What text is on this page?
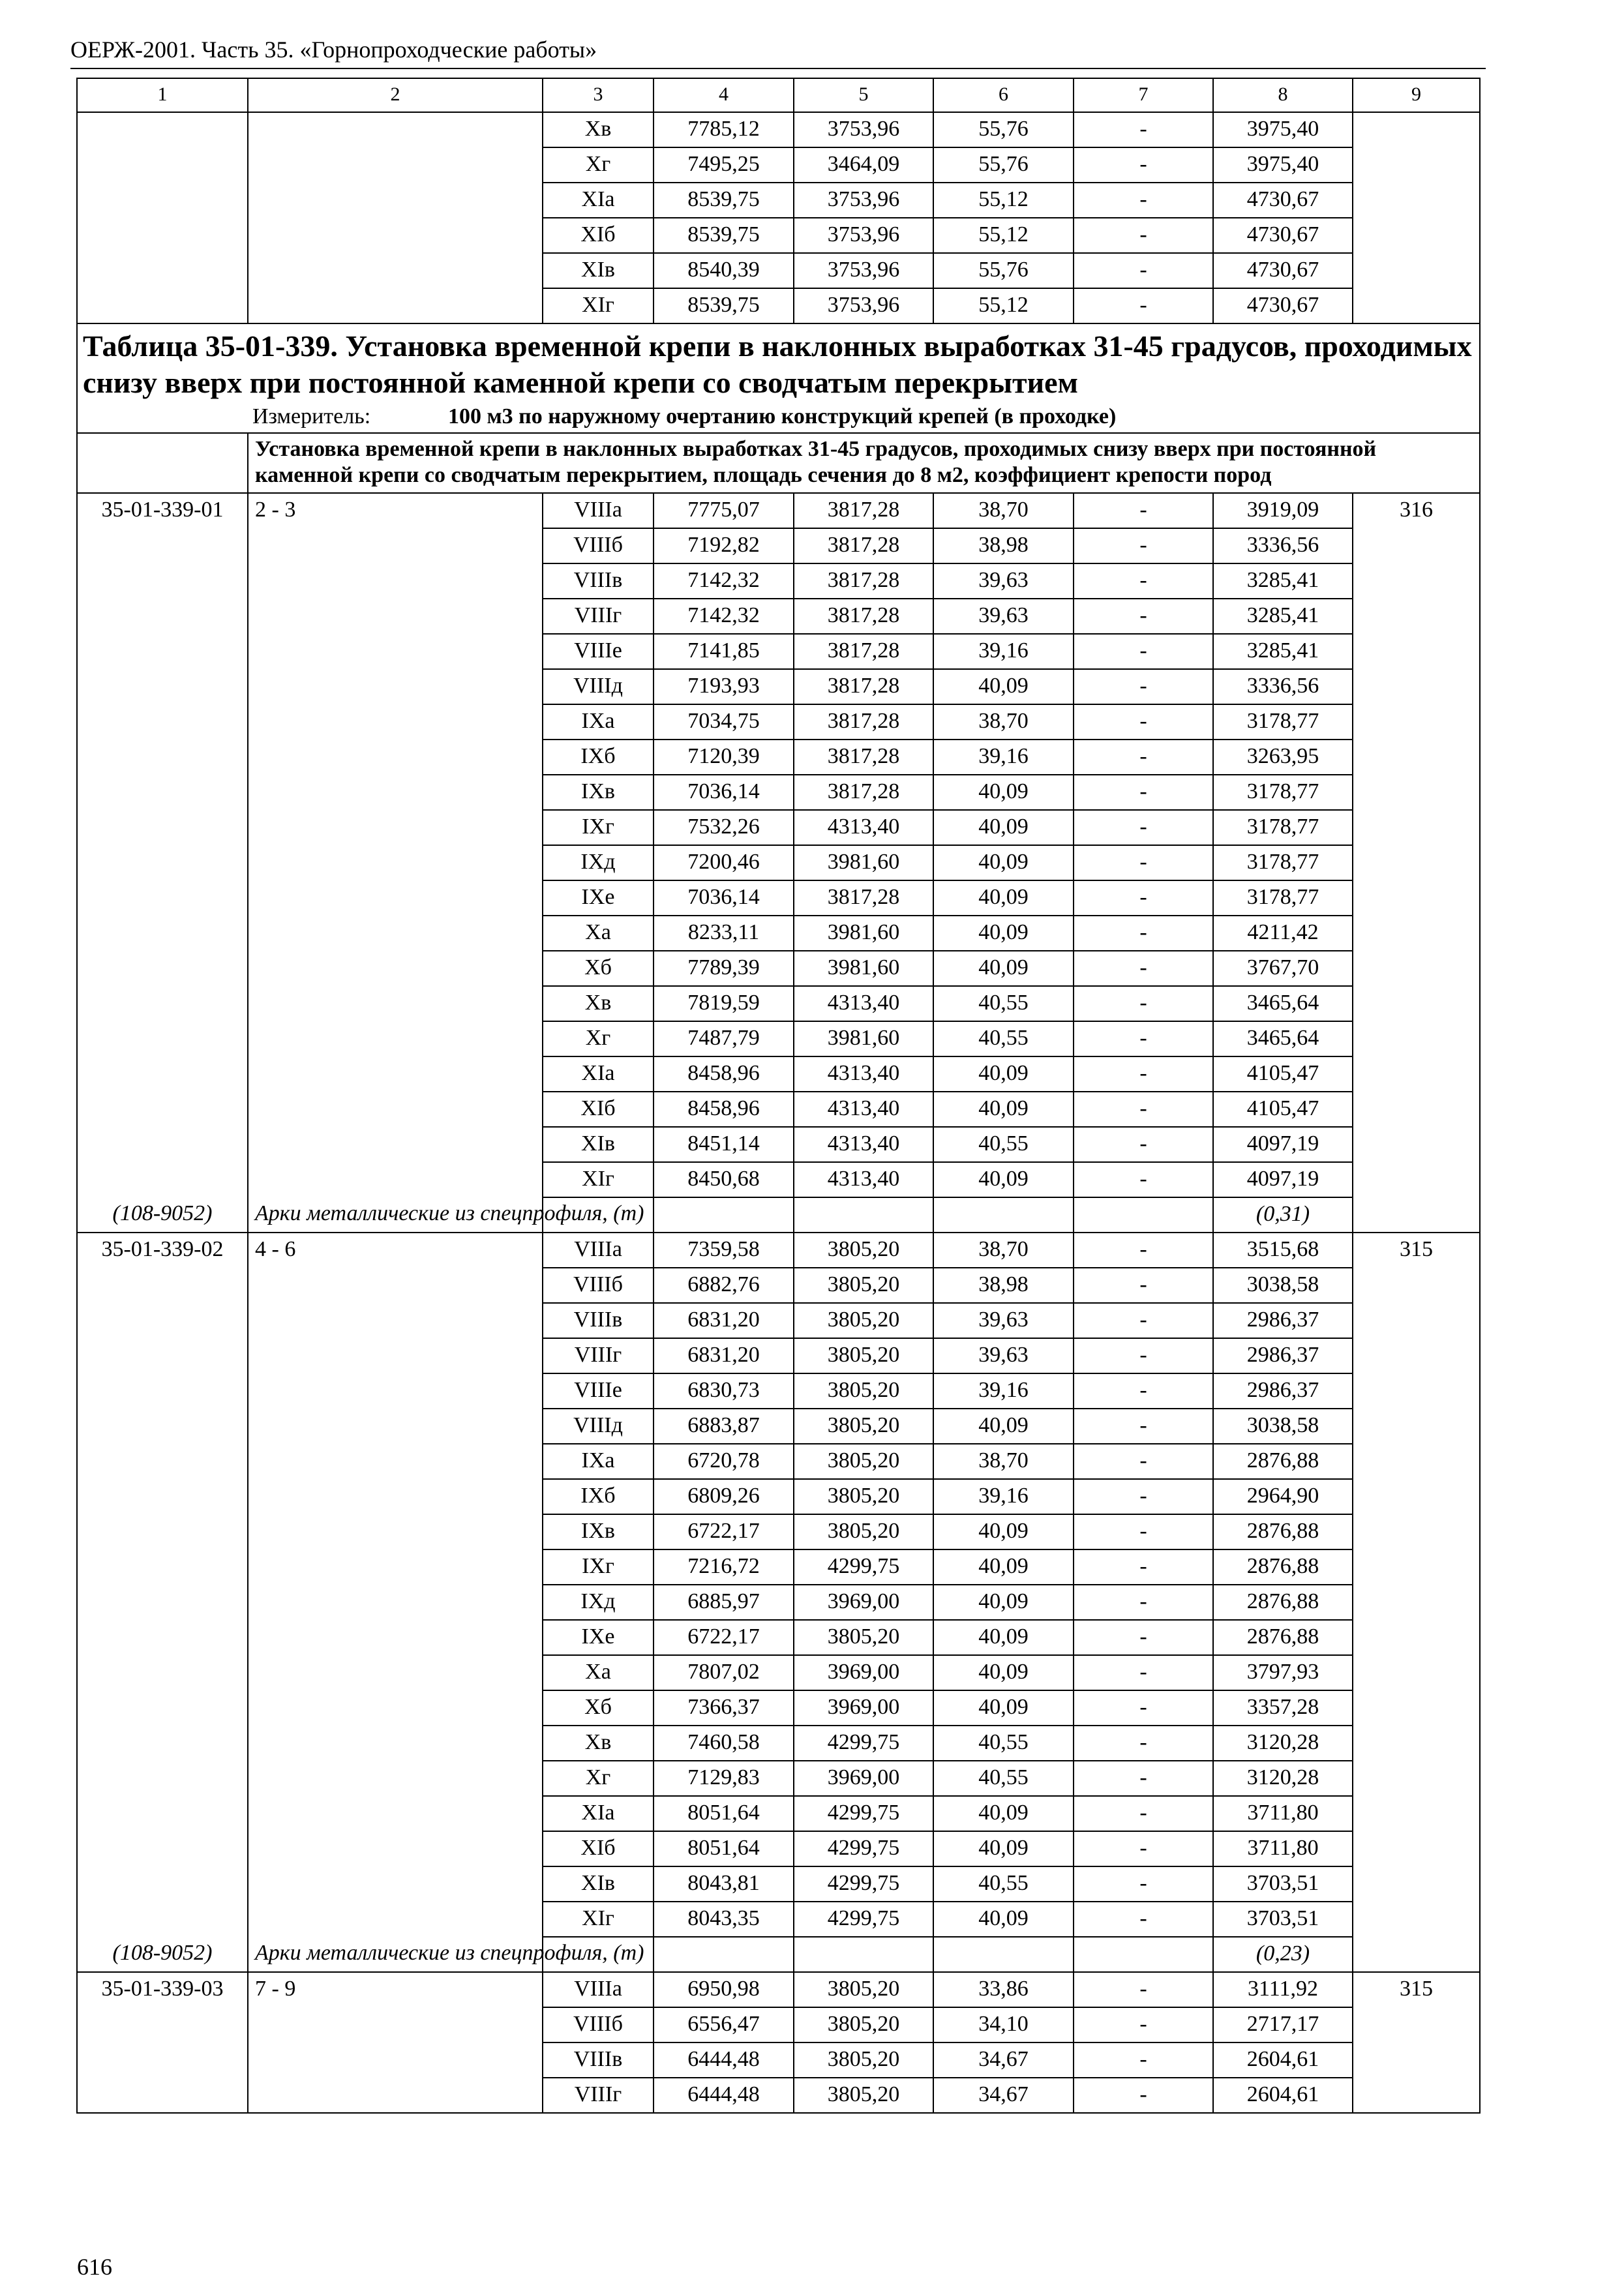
ОЕРЖ-2001. Часть 35. «Горнопроходческие работы»
1	2	3	4	5	6	7	8	9
		Xв	7785,12	3753,96	55,76	-	3975,40	
		Xг	7495,25	3464,09	55,76	-	3975,40	
		XIа	8539,75	3753,96	55,12	-	4730,67	
		XIб	8539,75	3753,96	55,12	-	4730,67	
		XIв	8540,39	3753,96	55,76	-	4730,67	
		XIг	8539,75	3753,96	55,12	-	4730,67	

Таблица 35-01-339. Установка временной крепи в наклонных выработках 31-45 градусов, проходимых снизу вверх при постоянной каменной крепи со сводчатым перекрытием
Измеритель: 100 м3 по наружному очертанию конструкций крепей (в проходке)								

	Установка временной крепи в наклонных выработках 31-45 градусов, проходимых снизу вверх при постоянной каменной крепи со сводчатым перекрытием, площадь сечения до 8 м2, коэффициент крепости пород							

35-01-339-01	2 - 3	VIIIа	7775,07	3817,28	38,70	-	3919,09	316
		VIIIб	7192,82	3817,28	38,98	-	3336,56	
		VIIIв	7142,32	3817,28	39,63	-	3285,41	
		VIIIг	7142,32	3817,28	39,63	-	3285,41	
		VIIIе	7141,85	3817,28	39,16	-	3285,41	
		VIIIд	7193,93	3817,28	40,09	-	3336,56	
		IXа	7034,75	3817,28	38,70	-	3178,77	
		IXб	7120,39	3817,28	39,16	-	3263,95	
		IXв	7036,14	3817,28	40,09	-	3178,77	
		IXг	7532,26	4313,40	40,09	-	3178,77	
		IXд	7200,46	3981,60	40,09	-	3178,77	
		IXе	7036,14	3817,28	40,09	-	3178,77	
		Xа	8233,11	3981,60	40,09	-	4211,42	
		Xб	7789,39	3981,60	40,09	-	3767,70	
		Xв	7819,59	4313,40	40,55	-	3465,64	
		Xг	7487,79	3981,60	40,55	-	3465,64	
		XIа	8458,96	4313,40	40,09	-	4105,47	
		XIб	8458,96	4313,40	40,09	-	4105,47	
		XIв	8451,14	4313,40	40,55	-	4097,19	
		XIг	8450,68	4313,40	40,09	-	4097,19	
(108-9052)	Арки металлические из спецпрофиля, (т)						(0,31)	
35-01-339-02	4 - 6	VIIIа	7359,58	3805,20	38,70	-	3515,68	315
		VIIIб	6882,76	3805,20	38,98	-	3038,58	
		VIIIв	6831,20	3805,20	39,63	-	2986,37	
		VIIIг	6831,20	3805,20	39,63	-	2986,37	
		VIIIе	6830,73	3805,20	39,16	-	2986,37	
		VIIIд	6883,87	3805,20	40,09	-	3038,58	
		IXа	6720,78	3805,20	38,70	-	2876,88	
		IXб	6809,26	3805,20	39,16	-	2964,90	
		IXв	6722,17	3805,20	40,09	-	2876,88	
		IXг	7216,72	4299,75	40,09	-	2876,88	
		IXд	6885,97	3969,00	40,09	-	2876,88	
		IXе	6722,17	3805,20	40,09	-	2876,88	
		Xа	7807,02	3969,00	40,09	-	3797,93	
		Xб	7366,37	3969,00	40,09	-	3357,28	
		Xв	7460,58	4299,75	40,55	-	3120,28	
		Xг	7129,83	3969,00	40,55	-	3120,28	
		XIа	8051,64	4299,75	40,09	-	3711,80	
		XIб	8051,64	4299,75	40,09	-	3711,80	
		XIв	8043,81	4299,75	40,55	-	3703,51	
		XIг	8043,35	4299,75	40,09	-	3703,51	
(108-9052)	Арки металлические из спецпрофиля, (т)						(0,23)	
35-01-339-03	7 - 9	VIIIа	6950,98	3805,20	33,86	-	3111,92	315
		VIIIб	6556,47	3805,20	34,10	-	2717,17	
		VIIIв	6444,48	3805,20	34,67	-	2604,61	
		VIIIг	6444,48	3805,20	34,67	-	2604,61	
616
